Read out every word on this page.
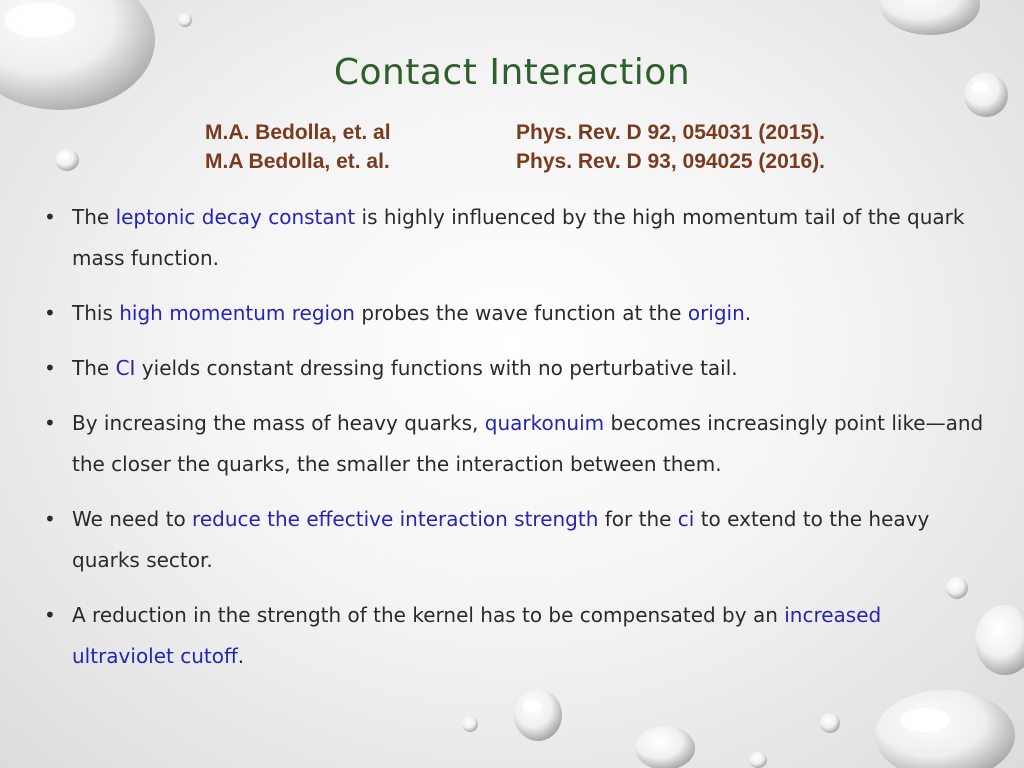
Contact Interaction
M.A. Bedolla, et. al	Phys. Rev. D 92, 054031 (2015).
M.A Bedolla, et. al.	Phys. Rev. D 93, 094025 (2016).
• The leptonic decay constant is highly influenced by the high momentum tail of the quark mass function.
• This high momentum region probes the wave function at the origin.
• The CI yields constant dressing functions with no perturbative tail.
• By increasing the mass of heavy quarks, quarkonuim becomes increasingly point like—and the closer the quarks, the smaller the interaction between them.
• We need to reduce the effective interaction strength for the ci to extend to the heavy quarks sector.
• A reduction in the strength of the kernel has to be compensated by an increased ultraviolet cutoff.
